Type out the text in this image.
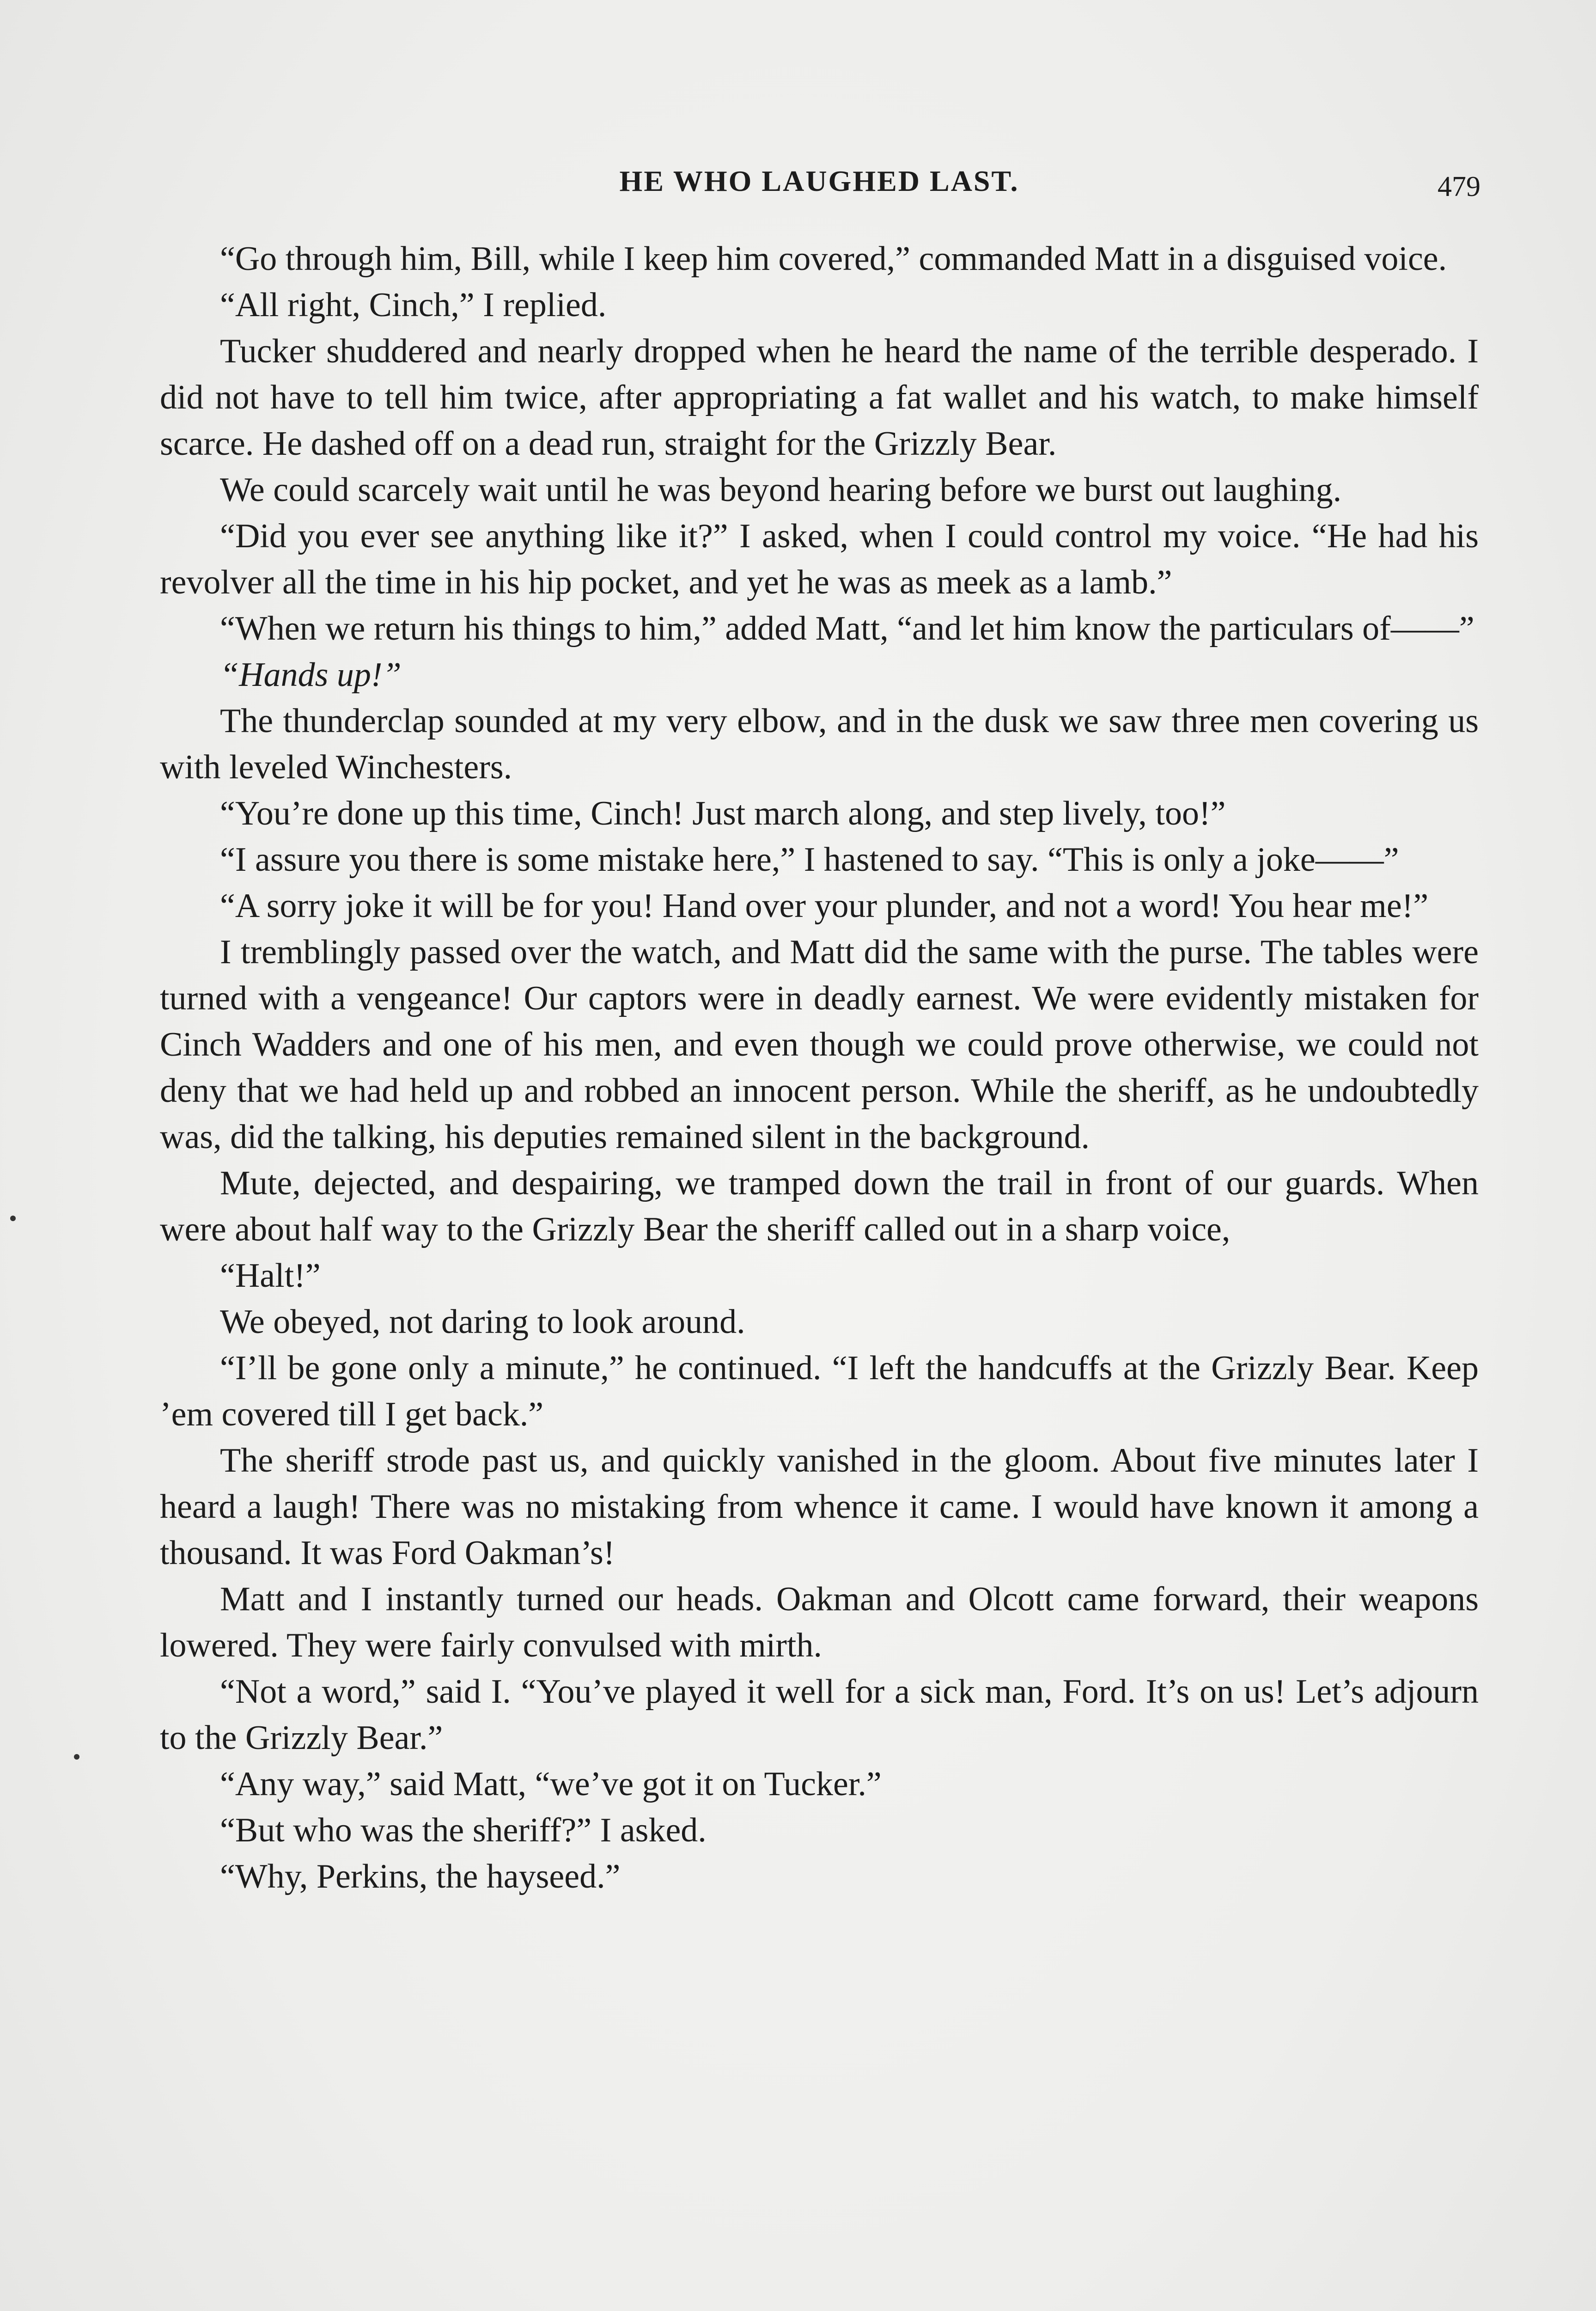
HE WHO LAUGHED LAST.	479

“Go through him, Bill, while I keep him covered,” commanded Matt in a disguised voice.

“All right, Cinch,” I replied.

Tucker shuddered and nearly dropped when he heard the name of the terrible desperado. I did not have to tell him twice, after appropriating a fat wallet and his watch, to make himself scarce. He dashed off on a dead run, straight for the Grizzly Bear.

We could scarcely wait until he was beyond hearing before we burst out laughing.

“Did you ever see anything like it?” I asked, when I could control my voice. “He had his revolver all the time in his hip pocket, and yet he was as meek as a lamb.”

“When we return his things to him,” added Matt, “and let him know the particulars of——”

“Hands up!”

The thunderclap sounded at my very elbow, and in the dusk we saw three men covering us with leveled Winchesters.

“You’re done up this time, Cinch! Just march along, and step lively, too!”

“I assure you there is some mistake here,” I hastened to say. “This is only a joke——”

“A sorry joke it will be for you! Hand over your plunder, and not a word! You hear me!”

I tremblingly passed over the watch, and Matt did the same with the purse. The tables were turned with a vengeance! Our captors were in deadly earnest. We were evidently mistaken for Cinch Wadders and one of his men, and even though we could prove otherwise, we could not deny that we had held up and robbed an innocent person. While the sheriff, as he undoubtedly was, did the talking, his deputies remained silent in the background.

Mute, dejected, and despairing, we tramped down the trail in front of our guards. When were about half way to the Grizzly Bear the sheriff called out in a sharp voice,

“Halt!”

We obeyed, not daring to look around.

“I’ll be gone only a minute,” he continued. “I left the handcuffs at the Grizzly Bear. Keep ’em covered till I get back.”

The sheriff strode past us, and quickly vanished in the gloom. About five minutes later I heard a laugh! There was no mistaking from whence it came. I would have known it among a thousand. It was Ford Oakman’s!

Matt and I instantly turned our heads. Oakman and Olcott came forward, their weapons lowered. They were fairly convulsed with mirth.

“Not a word,” said I. “You’ve played it well for a sick man, Ford. It’s on us! Let’s adjourn to the Grizzly Bear.”

“Any way,” said Matt, “we’ve got it on Tucker.”

“But who was the sheriff?” I asked.

“Why, Perkins, the hayseed.”
